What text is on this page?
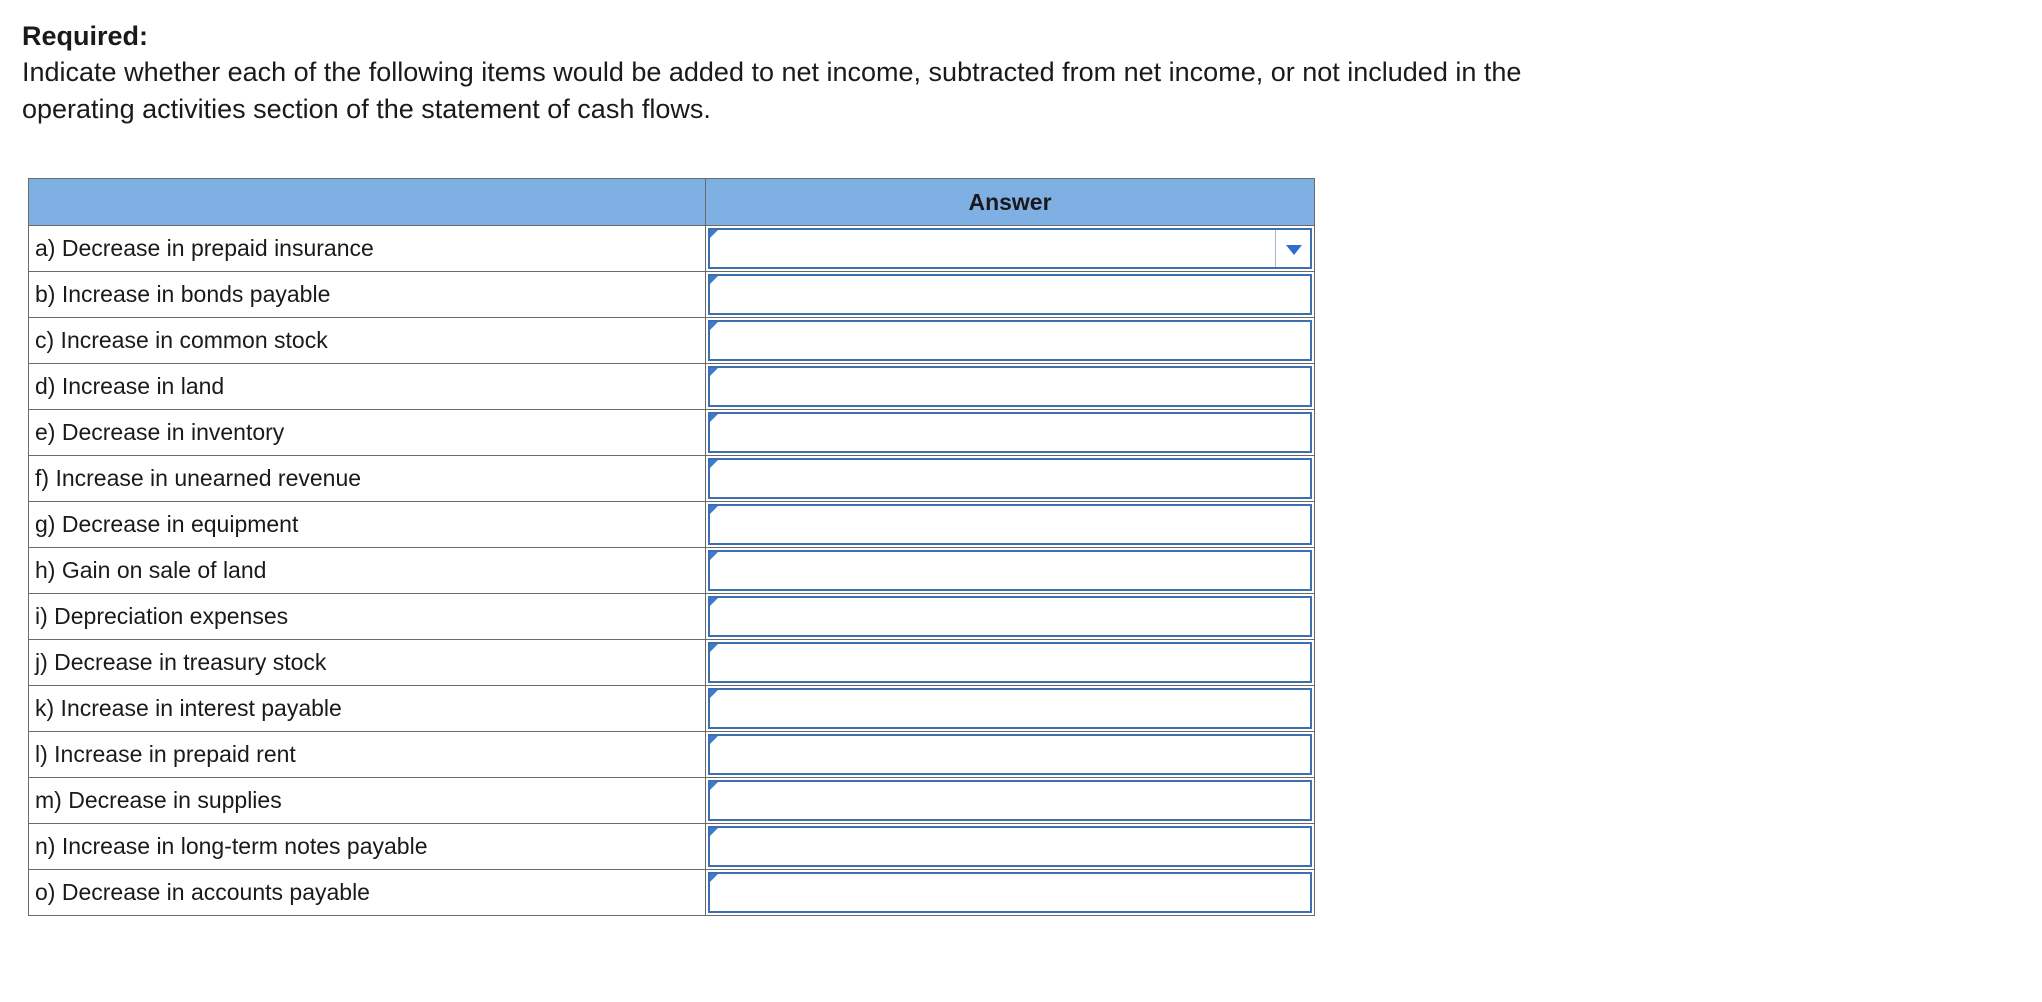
Required:

Indicate whether each of the following items would be added to net income, subtracted from net income, or not included in the

operating activities section of the statement of cash flows.

	Answer
a) Decrease in prepaid insurance	

b) Increase in bonds payable	

c) Increase in common stock	

d) Increase in land	

e) Decrease in inventory	

f) Increase in unearned revenue	

g) Decrease in equipment	

h) Gain on sale of land	

i) Depreciation expenses	

j) Decrease in treasury stock	

k) Increase in interest payable	

l) Increase in prepaid rent	

m) Decrease in supplies	

n) Increase in long-term notes payable	

o) Decrease in accounts payable	
